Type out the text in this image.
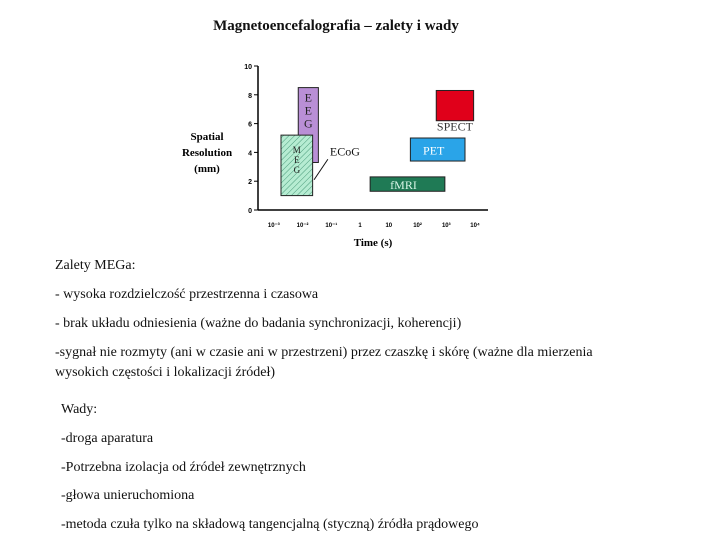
Magnetoencefalografia – zalety i wady
0
2
4
6
8
10
10⁻³	10⁻²	10⁻¹	1	10	10²	10³	10⁴
Spatial
Resolution
(mm)
Time (s)
E
E
G
M
E
G
fMRI
PET
SPECT
ECoG
Zalety MEGa:
- wysoka rozdzielczość przestrzenna i czasowa
- brak układu odniesienia (ważne do badania synchronizacji, koherencji)
-sygnał nie rozmyty (ani w czasie ani w przestrzeni) przez czaszkę i skórę (ważne dla mierzenia wysokich częstości i lokalizacji źródeł)
Wady:
-droga aparatura
-Potrzebna izolacja od źródeł zewnętrznych
-głowa unieruchomiona
-metoda czuła tylko na składową tangencjalną (styczną) źródła prądowego
